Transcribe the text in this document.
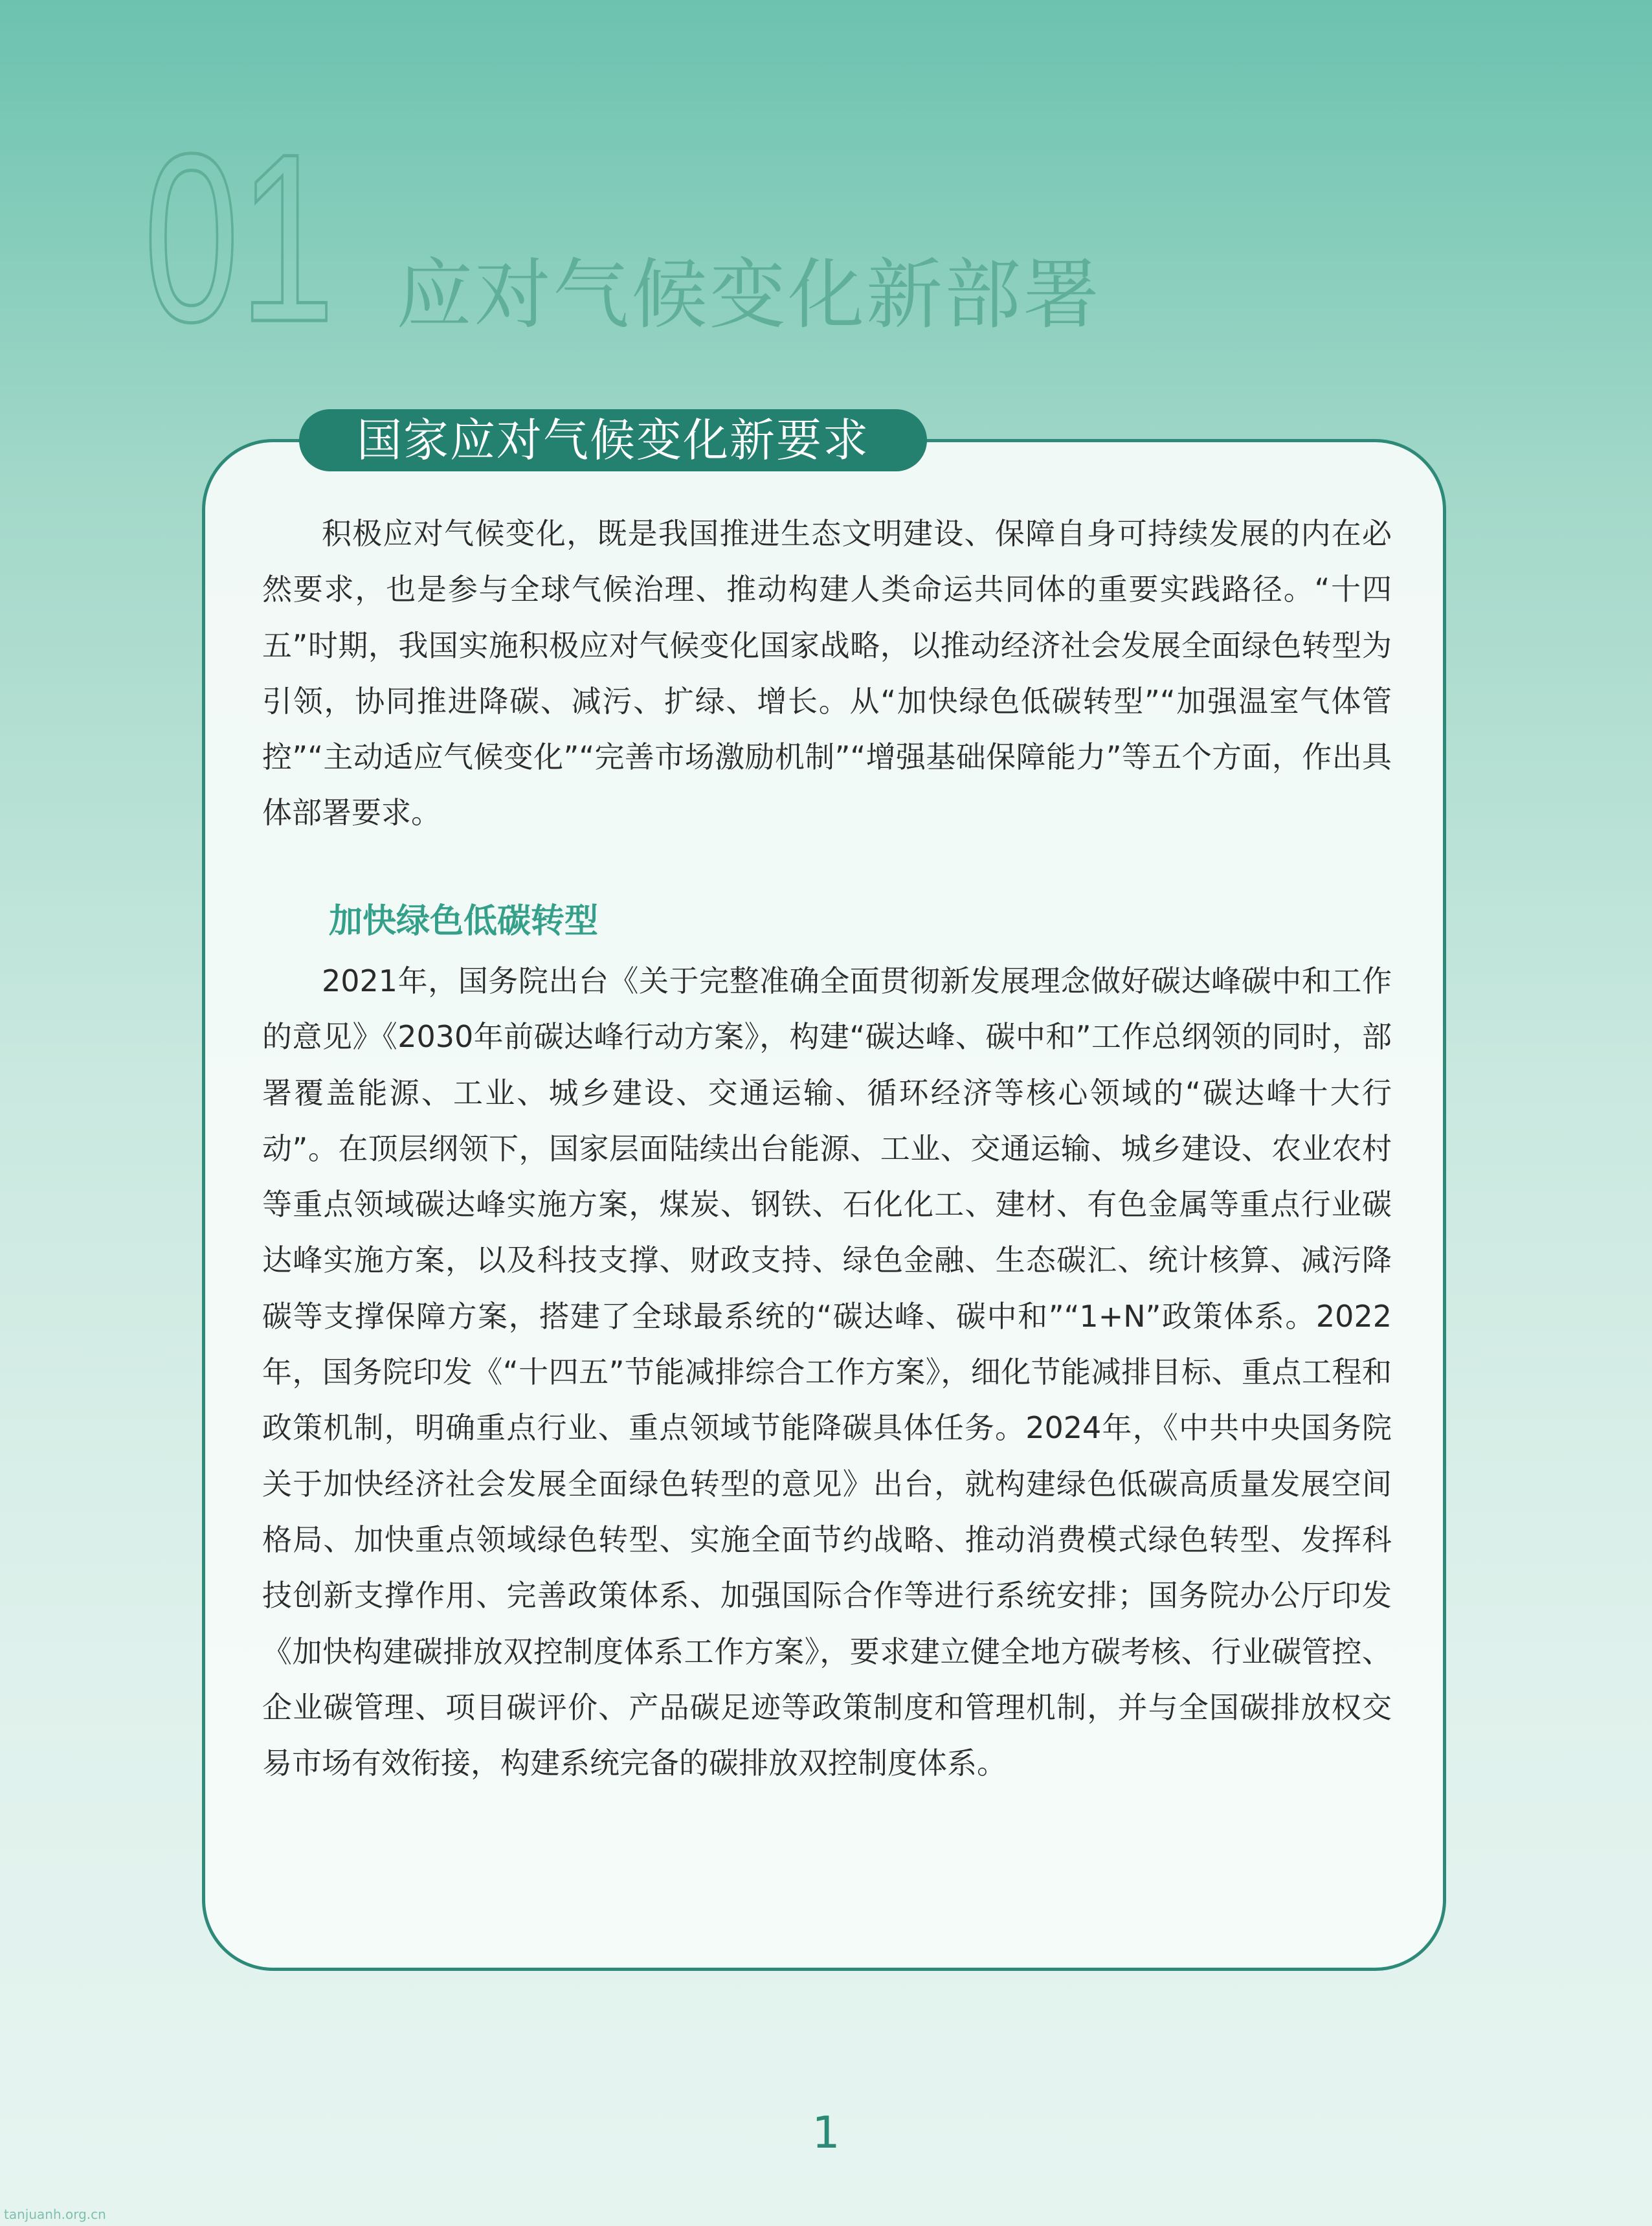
01 应对气候变化新部署
国家应对气候变化新要求

积极应对气候变化，既是我国推进生态文明建设、保障自身可持续发展的内在必然要求，也是参与全球气候治理、推动构建人类命运共同体的重要实践路径。“十四五”时期，我国实施积极应对气候变化国家战略，以推动经济社会发展全面绿色转型为引领，协同推进降碳、减污、扩绿、增长。从“加快绿色低碳转型”“加强温室气体管控”“主动适应气候变化”“完善市场激励机制”“增强基础保障能力”等五个方面，作出具体部署要求。

加快绿色低碳转型

2021年，国务院出台《关于完整准确全面贯彻新发展理念做好碳达峰碳中和工作的意见》《2030年前碳达峰行动方案》，构建“碳达峰、碳中和”工作总纲领的同时，部署覆盖能源、工业、城乡建设、交通运输、循环经济等核心领域的“碳达峰十大行动”。在顶层纲领下，国家层面陆续出台能源、工业、交通运输、城乡建设、农业农村等重点领域碳达峰实施方案，煤炭、钢铁、石化化工、建材、有色金属等重点行业碳达峰实施方案，以及科技支撑、财政支持、绿色金融、生态碳汇、统计核算、减污降碳等支撑保障方案，搭建了全球最系统的“碳达峰、碳中和”“1+N”政策体系。2022年，国务院印发《“十四五”节能减排综合工作方案》，细化节能减排目标、重点工程和政策机制，明确重点行业、重点领域节能降碳具体任务。2024年，《中共中央国务院关于加快经济社会发展全面绿色转型的意见》出台，就构建绿色低碳高质量发展空间格局、加快重点领域绿色转型、实施全面节约战略、推动消费模式绿色转型、发挥科技创新支撑作用、完善政策体系、加强国际合作等进行系统安排；国务院办公厅印发《加快构建碳排放双控制度体系工作方案》，要求建立健全地方碳考核、行业碳管控、企业碳管理、项目碳评价、产品碳足迹等政策制度和管理机制，并与全国碳排放权交易市场有效衔接，构建系统完备的碳排放双控制度体系。

1
tanjuanh.org.cn
